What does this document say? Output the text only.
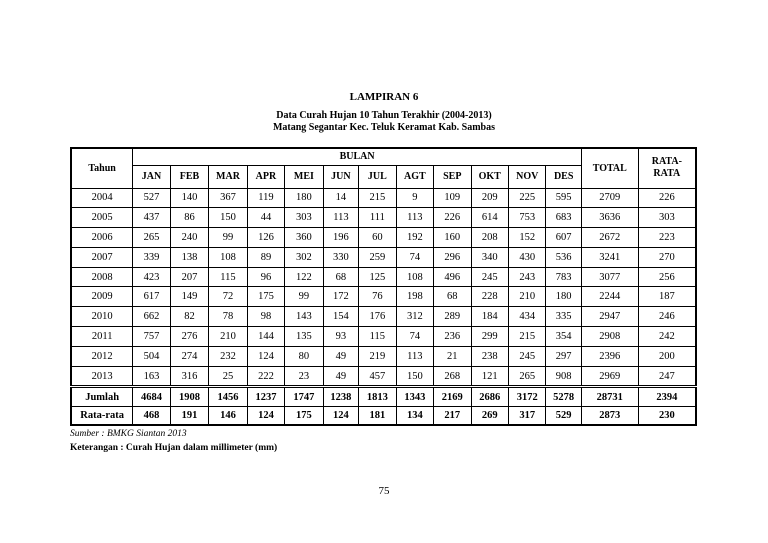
LAMPIRAN 6
Data Curah Hujan 10 Tahun Terakhir (2004-2013)
Matang Segantar Kec. Teluk Keramat Kab. Sambas
Tahun	BULAN												TOTAL	RATA-RATA
	JAN	FEB	MAR	APR	MEI	JUN	JUL	AGT	SEP	OKT	NOV	DES		
2004	527	140	367	119	180	14	215	9	109	209	225	595	2709	226
2005	437	86	150	44	303	113	111	113	226	614	753	683	3636	303
2006	265	240	99	126	360	196	60	192	160	208	152	607	2672	223
2007	339	138	108	89	302	330	259	74	296	340	430	536	3241	270
2008	423	207	115	96	122	68	125	108	496	245	243	783	3077	256
2009	617	149	72	175	99	172	76	198	68	228	210	180	2244	187
2010	662	82	78	98	143	154	176	312	289	184	434	335	2947	246
2011	757	276	210	144	135	93	115	74	236	299	215	354	2908	242
2012	504	274	232	124	80	49	219	113	21	238	245	297	2396	200
2013	163	316	25	222	23	49	457	150	268	121	265	908	2969	247
Jumlah	4684	1908	1456	1237	1747	1238	1813	1343	2169	2686	3172	5278	28731	2394
Rata-rata	468	191	146	124	175	124	181	134	217	269	317	529	2873	230
Sumber : BMKG Siantan 2013
Keterangan : Curah Hujan dalam millimeter (mm)
75
